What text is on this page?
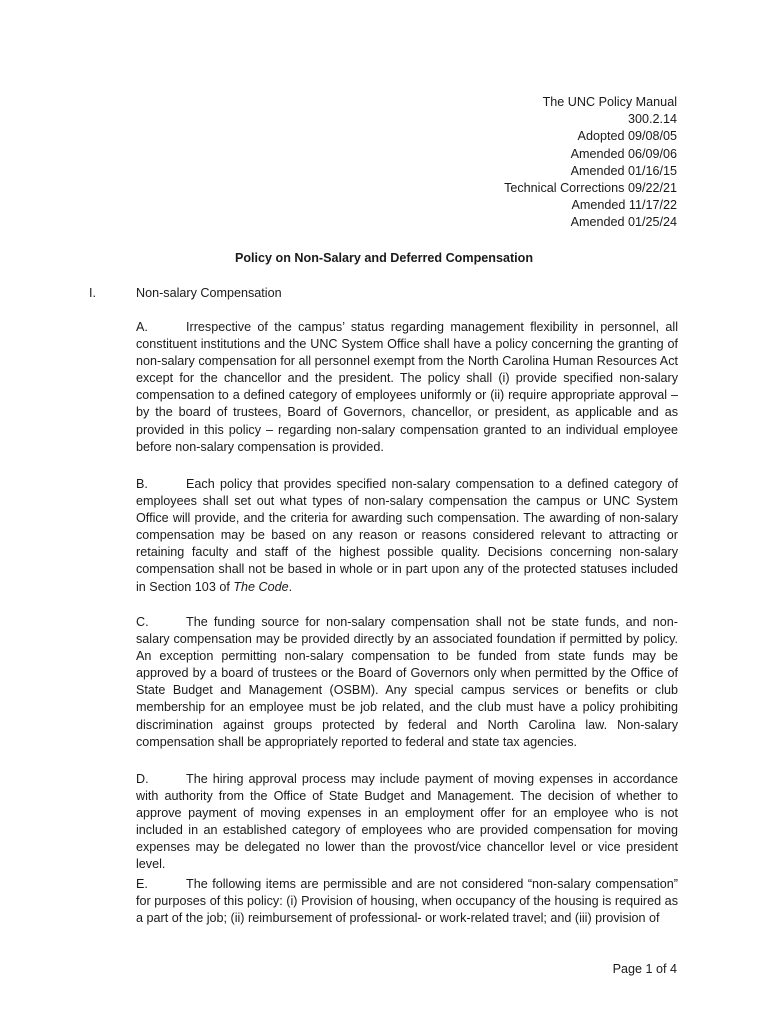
The UNC Policy Manual
300.2.14
Adopted 09/08/05
Amended 06/09/06
Amended 01/16/15
Technical Corrections 09/22/21
Amended 11/17/22
Amended 01/25/24
Policy on Non-Salary and Deferred Compensation
I.	Non-salary Compensation
A.	Irrespective of the campus’ status regarding management flexibility in personnel, all constituent institutions and the UNC System Office shall have a policy concerning the granting of non-salary compensation for all personnel exempt from the North Carolina Human Resources Act except for the chancellor and the president. The policy shall (i) provide specified non-salary compensation to a defined category of employees uniformly or (ii) require appropriate approval – by the board of trustees, Board of Governors, chancellor, or president, as applicable and as provided in this policy – regarding non-salary compensation granted to an individual employee before non-salary compensation is provided.
B.	Each policy that provides specified non-salary compensation to a defined category of employees shall set out what types of non-salary compensation the campus or UNC System Office will provide, and the criteria for awarding such compensation. The awarding of non-salary compensation may be based on any reason or reasons considered relevant to attracting or retaining faculty and staff of the highest possible quality. Decisions concerning non-salary compensation shall not be based in whole or in part upon any of the protected statuses included in Section 103 of The Code.
C.	The funding source for non-salary compensation shall not be state funds, and non-salary compensation may be provided directly by an associated foundation if permitted by policy. An exception permitting non-salary compensation to be funded from state funds may be approved by a board of trustees or the Board of Governors only when permitted by the Office of State Budget and Management (OSBM). Any special campus services or benefits or club membership for an employee must be job related, and the club must have a policy prohibiting discrimination against groups protected by federal and North Carolina law. Non-salary compensation shall be appropriately reported to federal and state tax agencies.
D.	The hiring approval process may include payment of moving expenses in accordance with authority from the Office of State Budget and Management. The decision of whether to approve payment of moving expenses in an employment offer for an employee who is not included in an established category of employees who are provided compensation for moving expenses may be delegated no lower than the provost/vice chancellor level or vice president level.
E.	The following items are permissible and are not considered “non-salary compensation” for purposes of this policy: (i) Provision of housing, when occupancy of the housing is required as a part of the job; (ii) reimbursement of professional- or work-related travel; and (iii) provision of
Page 1 of 4
